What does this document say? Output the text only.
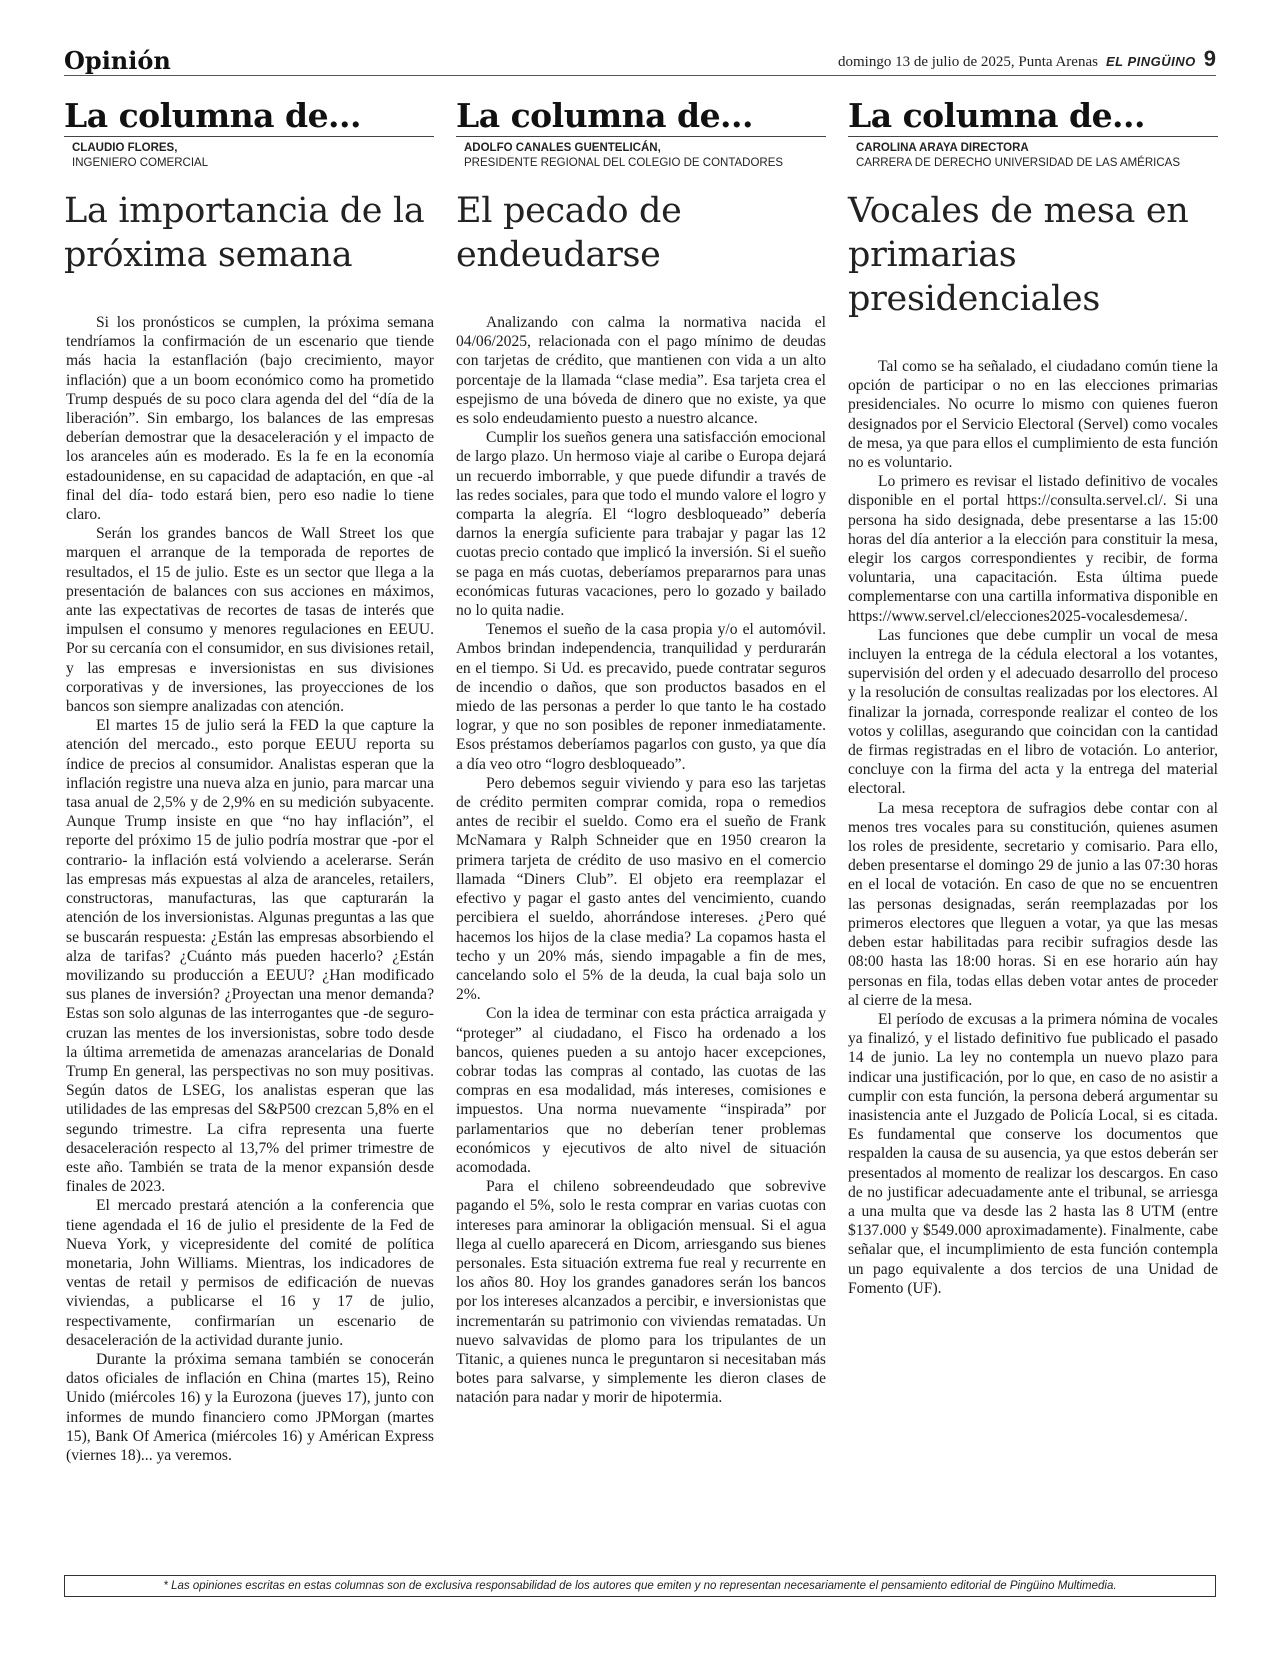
Opinión	domingo 13 de julio de 2025, Punta Arenas EL PINGÜINO 9
La columna de...
CLAUDIO FLORES,
INGENIERO COMERCIAL
La importancia de la próxima semana

Si los pronósticos se cumplen, la próxima semana tendríamos la confirmación de un escenario que tiende más hacia la estanflación (bajo crecimiento, mayor inflación) que a un boom económico como ha prometido Trump después de su poco clara agenda del del “día de la liberación”. Sin embargo, los balances de las empresas deberían demostrar que la desaceleración y el impacto de los aranceles aún es moderado. Es la fe en la economía estadounidense, en su capacidad de adaptación, en que -al final del día- todo estará bien, pero eso nadie lo tiene claro.

Serán los grandes bancos de Wall Street los que marquen el arranque de la temporada de reportes de resultados, el 15 de julio. Este es un sector que llega a la presentación de balances con sus acciones en máximos, ante las expectativas de recortes de tasas de interés que impulsen el consumo y menores regulaciones en EEUU. Por su cercanía con el consumidor, en sus divisiones retail, y las empresas e inversionistas en sus divisiones corporativas y de inversiones, las proyecciones de los bancos son siempre analizadas con atención.

El martes 15 de julio será la FED la que capture la atención del mercado., esto porque EEUU reporta su índice de precios al consumidor. Analistas esperan que la inflación registre una nueva alza en junio, para marcar una tasa anual de 2,5% y de 2,9% en su medición subyacente. Aunque Trump insiste en que “no hay inflación”, el reporte del próximo 15 de julio podría mostrar que -por el contrario- la inflación está volviendo a acelerarse. Serán las empresas más expuestas al alza de aranceles, retailers, constructoras, manufacturas, las que capturarán la atención de los inversionistas. Algunas preguntas a las que se buscarán respuesta: ¿Están las empresas absorbiendo el alza de tarifas? ¿Cuánto más pueden hacerlo? ¿Están movilizando su producción a EEUU? ¿Han modificado sus planes de inversión? ¿Proyectan una menor demanda? Estas son solo algunas de las interrogantes que -de seguro- cruzan las mentes de los inversionistas, sobre todo desde la última arremetida de amenazas arancelarias de Donald Trump En general, las perspectivas no son muy positivas. Según datos de LSEG, los analistas esperan que las utilidades de las empresas del S&P500 crezcan 5,8% en el segundo trimestre. La cifra representa una fuerte desaceleración respecto al 13,7% del primer trimestre de este año. También se trata de la menor expansión desde finales de 2023.

El mercado prestará atención a la conferencia que tiene agendada el 16 de julio el presidente de la Fed de Nueva York, y vicepresidente del comité de política monetaria, John Williams. Mientras, los indicadores de ventas de retail y permisos de edificación de nuevas viviendas, a publicarse el 16 y 17 de julio, respectivamente, confirmarían un escenario de desaceleración de la actividad durante junio.

Durante la próxima semana también se conocerán datos oficiales de inflación en China (martes 15), Reino Unido (miércoles 16) y la Eurozona (jueves 17), junto con informes de mundo financiero como JPMorgan (martes 15), Bank Of America (miércoles 16) y Américan Express (viernes 18)... ya veremos.

La columna de...
ADOLFO CANALES GUENTELICÁN,
PRESIDENTE REGIONAL DEL COLEGIO DE CONTADORES
El pecado de endeudarse

Analizando con calma la normativa nacida el 04/06/2025, relacionada con el pago mínimo de deudas con tarjetas de crédito, que mantienen con vida a un alto porcentaje de la llamada “clase media”. Esa tarjeta crea el espejismo de una bóveda de dinero que no existe, ya que es solo endeudamiento puesto a nuestro alcance.

Cumplir los sueños genera una satisfacción emocional de largo plazo. Un hermoso viaje al caribe o Europa dejará un recuerdo imborrable, y que puede difundir a través de las redes sociales, para que todo el mundo valore el logro y comparta la alegría. El “logro desbloqueado” debería darnos la energía suficiente para trabajar y pagar las 12 cuotas precio contado que implicó la inversión. Si el sueño se paga en más cuotas, deberíamos prepararnos para unas económicas futuras vacaciones, pero lo gozado y bailado no lo quita nadie.

Tenemos el sueño de la casa propia y/o el automóvil. Ambos brindan independencia, tranquilidad y perdurarán en el tiempo. Si Ud. es precavido, puede contratar seguros de incendio o daños, que son productos basados en el miedo de las personas a perder lo que tanto le ha costado lograr, y que no son posibles de reponer inmediatamente. Esos préstamos deberíamos pagarlos con gusto, ya que día a día veo otro “logro desbloqueado”.

Pero debemos seguir viviendo y para eso las tarjetas de crédito permiten comprar comida, ropa o remedios antes de recibir el sueldo. Como era el sueño de Frank McNamara y Ralph Schneider que en 1950 crearon la primera tarjeta de crédito de uso masivo en el comercio llamada “Diners Club”. El objeto era reemplazar el efectivo y pagar el gasto antes del vencimiento, cuando percibiera el sueldo, ahorrándose intereses. ¿Pero qué hacemos los hijos de la clase media? La copamos hasta el techo y un 20% más, siendo impagable a fin de mes, cancelando solo el 5% de la deuda, la cual baja solo un 2%.

Con la idea de terminar con esta práctica arraigada y “proteger” al ciudadano, el Fisco ha ordenado a los bancos, quienes pueden a su antojo hacer excepciones, cobrar todas las compras al contado, las cuotas de las compras en esa modalidad, más intereses, comisiones e impuestos. Una norma nuevamente “inspirada” por parlamentarios que no deberían tener problemas económicos y ejecutivos de alto nivel de situación acomodada.

Para el chileno sobreendeudado que sobrevive pagando el 5%, solo le resta comprar en varias cuotas con intereses para aminorar la obligación mensual. Si el agua llega al cuello aparecerá en Dicom, arriesgando sus bienes personales. Esta situación extrema fue real y recurrente en los años 80. Hoy los grandes ganadores serán los bancos por los intereses alcanzados a percibir, e inversionistas que incrementarán su patrimonio con viviendas rematadas. Un nuevo salvavidas de plomo para los tripulantes de un Titanic, a quienes nunca le preguntaron si necesitaban más botes para salvarse, y simplemente les dieron clases de natación para nadar y morir de hipotermia.

La columna de...
CAROLINA ARAYA DIRECTORA
CARRERA DE DERECHO UNIVERSIDAD DE LAS AMÉRICAS
Vocales de mesa en primarias presidenciales

Tal como se ha señalado, el ciudadano común tiene la opción de participar o no en las elecciones primarias presidenciales. No ocurre lo mismo con quienes fueron designados por el Servicio Electoral (Servel) como vocales de mesa, ya que para ellos el cumplimiento de esta función no es voluntario.

Lo primero es revisar el listado definitivo de vocales disponible en el portal https://consulta.servel.cl/. Si una persona ha sido designada, debe presentarse a las 15:00 horas del día anterior a la elección para constituir la mesa, elegir los cargos correspondientes y recibir, de forma voluntaria, una capacitación. Esta última puede complementarse con una cartilla informativa disponible en https://www.servel.cl/elecciones2025-vocalesdemesa/.

Las funciones que debe cumplir un vocal de mesa incluyen la entrega de la cédula electoral a los votantes, supervisión del orden y el adecuado desarrollo del proceso y la resolución de consultas realizadas por los electores. Al finalizar la jornada, corresponde realizar el conteo de los votos y colillas, asegurando que coincidan con la cantidad de firmas registradas en el libro de votación. Lo anterior, concluye con la firma del acta y la entrega del material electoral.

La mesa receptora de sufragios debe contar con al menos tres vocales para su constitución, quienes asumen los roles de presidente, secretario y comisario. Para ello, deben presentarse el domingo 29 de junio a las 07:30 horas en el local de votación. En caso de que no se encuentren las personas designadas, serán reemplazadas por los primeros electores que lleguen a votar, ya que las mesas deben estar habilitadas para recibir sufragios desde las 08:00 hasta las 18:00 horas. Si en ese horario aún hay personas en fila, todas ellas deben votar antes de proceder al cierre de la mesa.

El período de excusas a la primera nómina de vocales ya finalizó, y el listado definitivo fue publicado el pasado 14 de junio. La ley no contempla un nuevo plazo para indicar una justificación, por lo que, en caso de no asistir a cumplir con esta función, la persona deberá argumentar su inasistencia ante el Juzgado de Policía Local, si es citada. Es fundamental que conserve los documentos que respalden la causa de su ausencia, ya que estos deberán ser presentados al momento de realizar los descargos. En caso de no justificar adecuadamente ante el tribunal, se arriesga a una multa que va desde las 2 hasta las 8 UTM (entre $137.000 y $549.000 aproximadamente). Finalmente, cabe señalar que, el incumplimiento de esta función contempla un pago equivalente a dos tercios de una Unidad de Fomento (UF).

* Las opiniones escritas en estas columnas son de exclusiva responsabilidad de los autores que emiten y no representan necesariamente el pensamiento editorial de Pingüino Multimedia.
